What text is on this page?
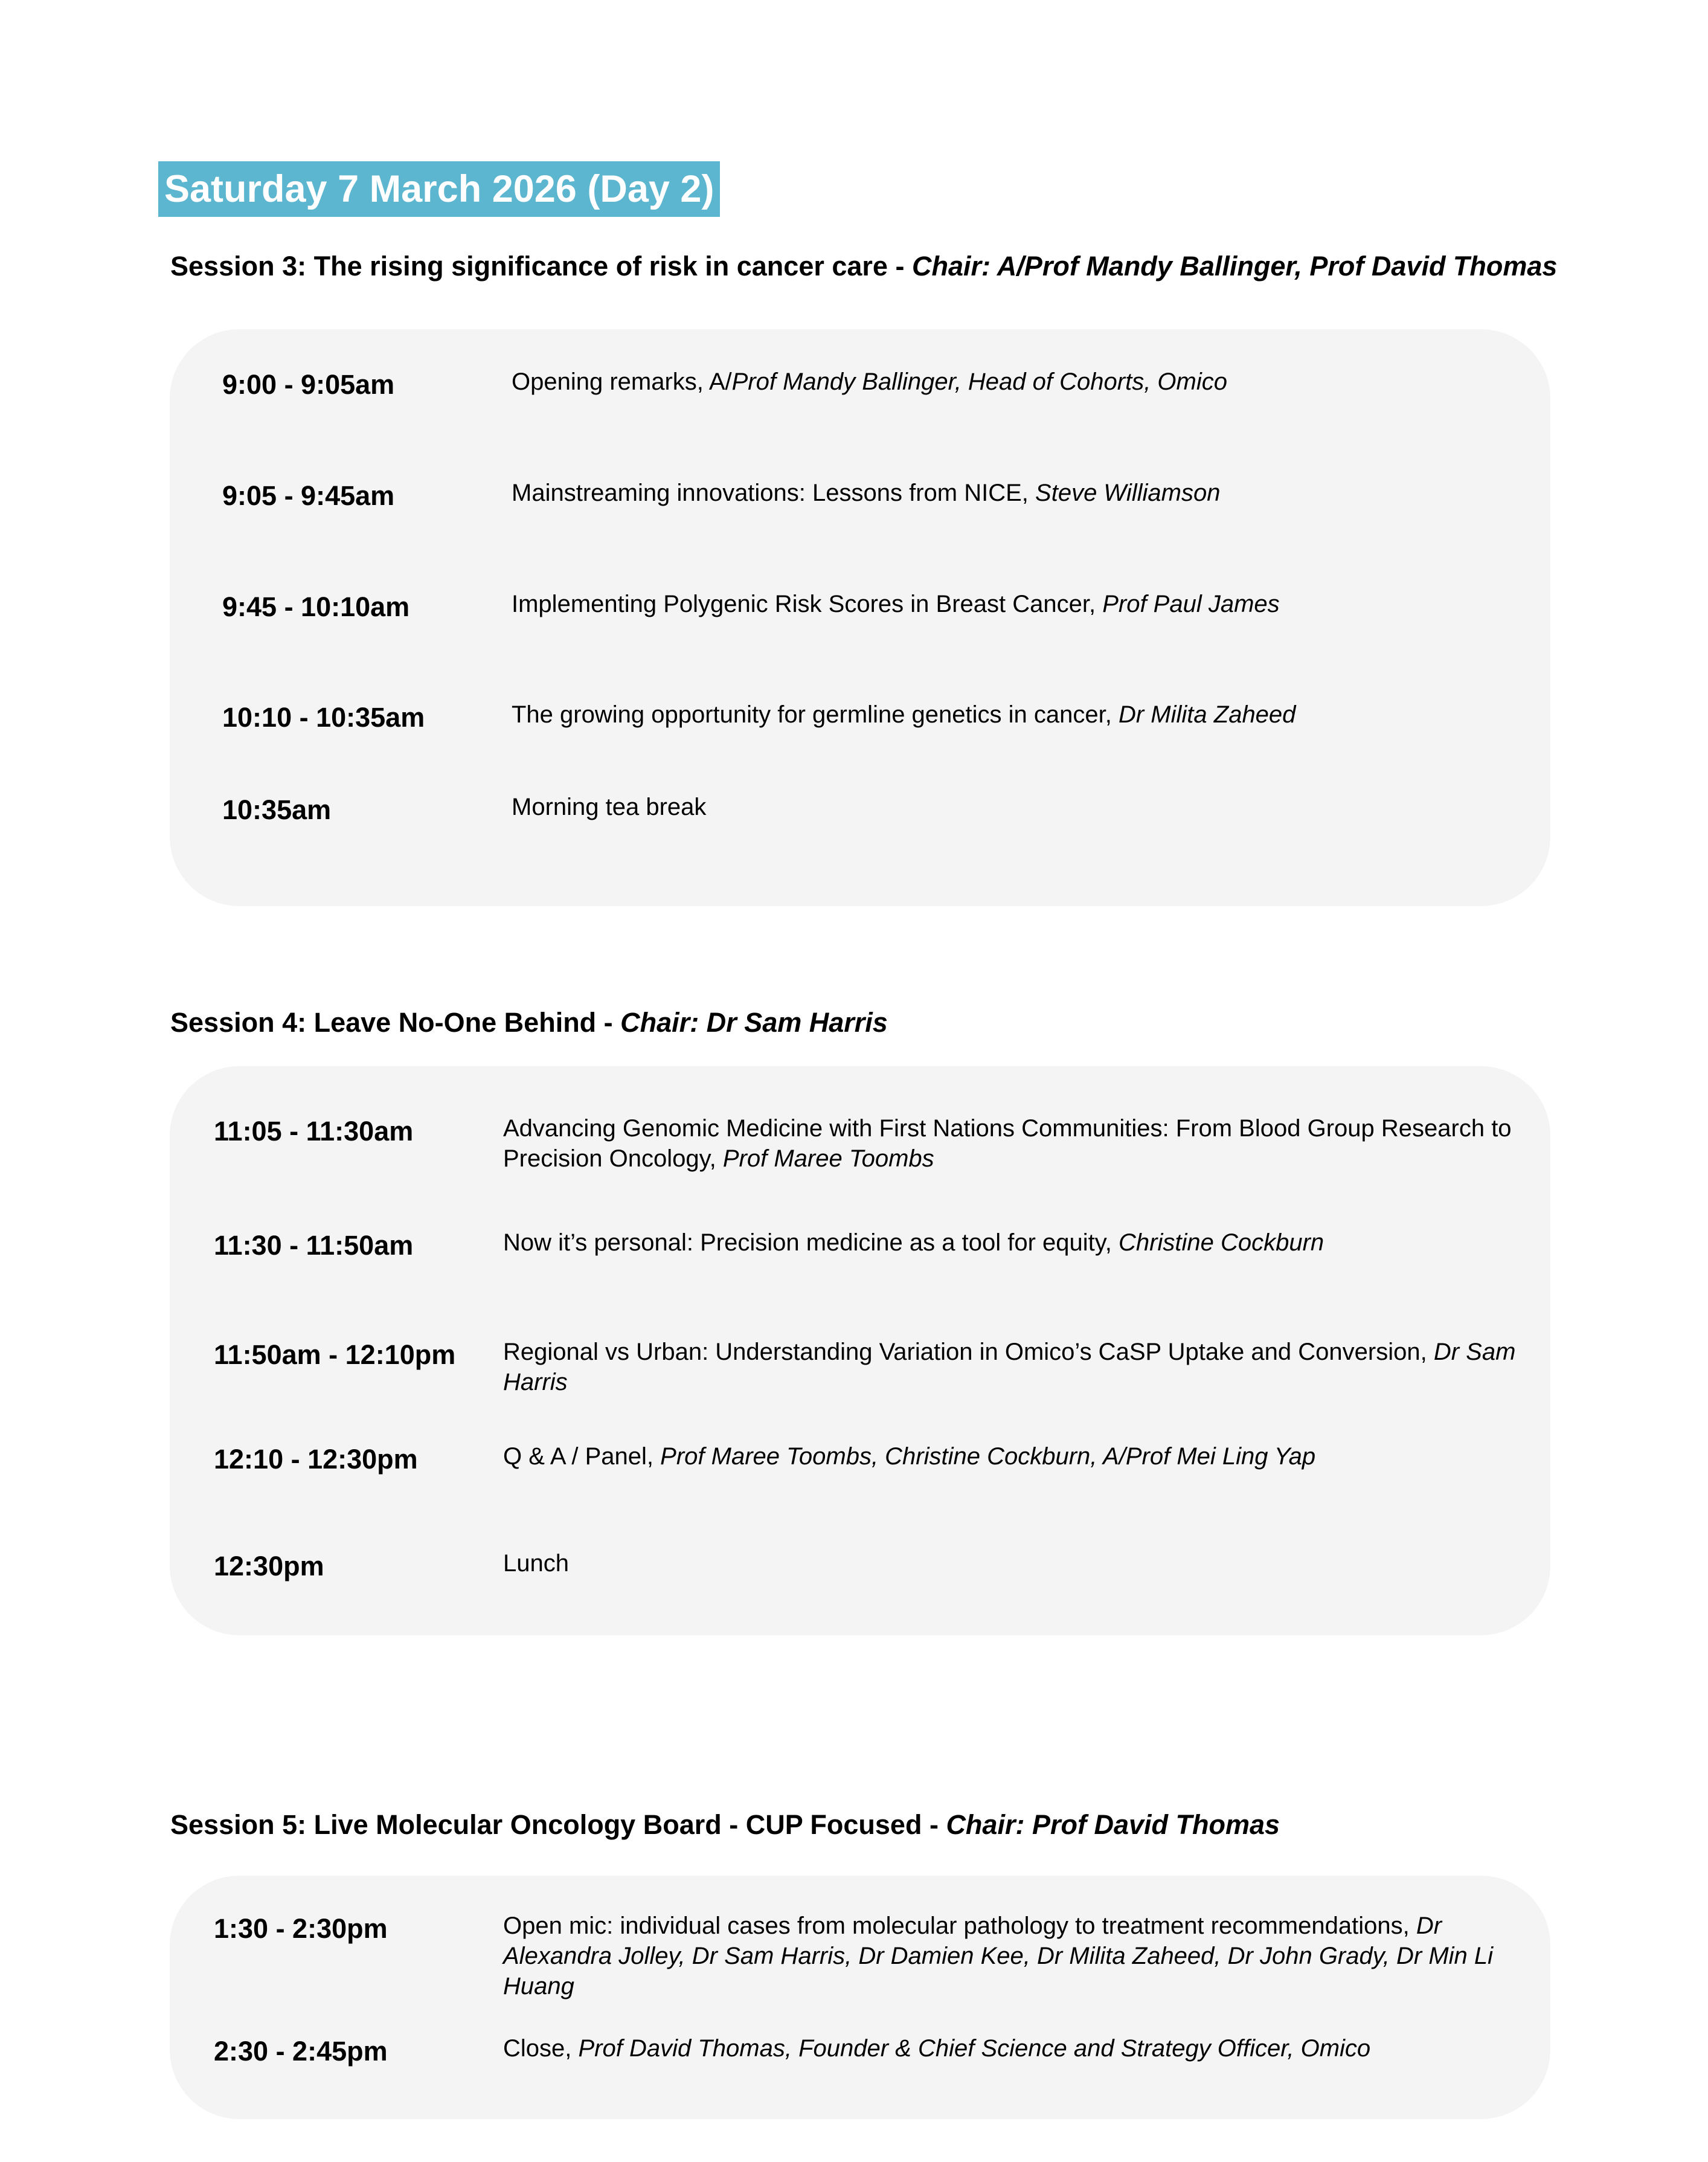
Saturday 7 March 2026 (Day 2)
Session 3: The rising significance of risk in cancer care - Chair: A/Prof Mandy Ballinger, Prof David Thomas
9:00 - 9:05am	Opening remarks, A/Prof Mandy Ballinger, Head of Cohorts, Omico
9:05 - 9:45am	Mainstreaming innovations: Lessons from NICE, Steve Williamson
9:45 - 10:10am	Implementing Polygenic Risk Scores in Breast Cancer, Prof Paul James
10:10 - 10:35am	The growing opportunity for germline genetics in cancer, Dr Milita Zaheed
10:35am	Morning tea break
Session 4: Leave No-One Behind - Chair: Dr Sam Harris
11:05 - 11:30am	Advancing Genomic Medicine with First Nations Communities: From Blood Group Research to Precision Oncology, Prof Maree Toombs
11:30 - 11:50am	Now it’s personal: Precision medicine as a tool for equity, Christine Cockburn
11:50am - 12:10pm Regional vs Urban: Understanding Variation in Omico’s CaSP Uptake and Conversion, Dr Sam Harris
12:10 - 12:30pm	Q & A / Panel, Prof Maree Toombs, Christine Cockburn, A/Prof Mei Ling Yap
12:30pm	Lunch
Session 5: Live Molecular Oncology Board - CUP Focused - Chair: Prof David Thomas
1:30 - 2:30pm	Open mic: individual cases from molecular pathology to treatment recommendations, Dr Alexandra Jolley, Dr Sam Harris, Dr Damien Kee, Dr Milita Zaheed, Dr John Grady, Dr Min Li Huang
2:30 - 2:45pm	Close, Prof David Thomas, Founder & Chief Science and Strategy Officer, Omico
